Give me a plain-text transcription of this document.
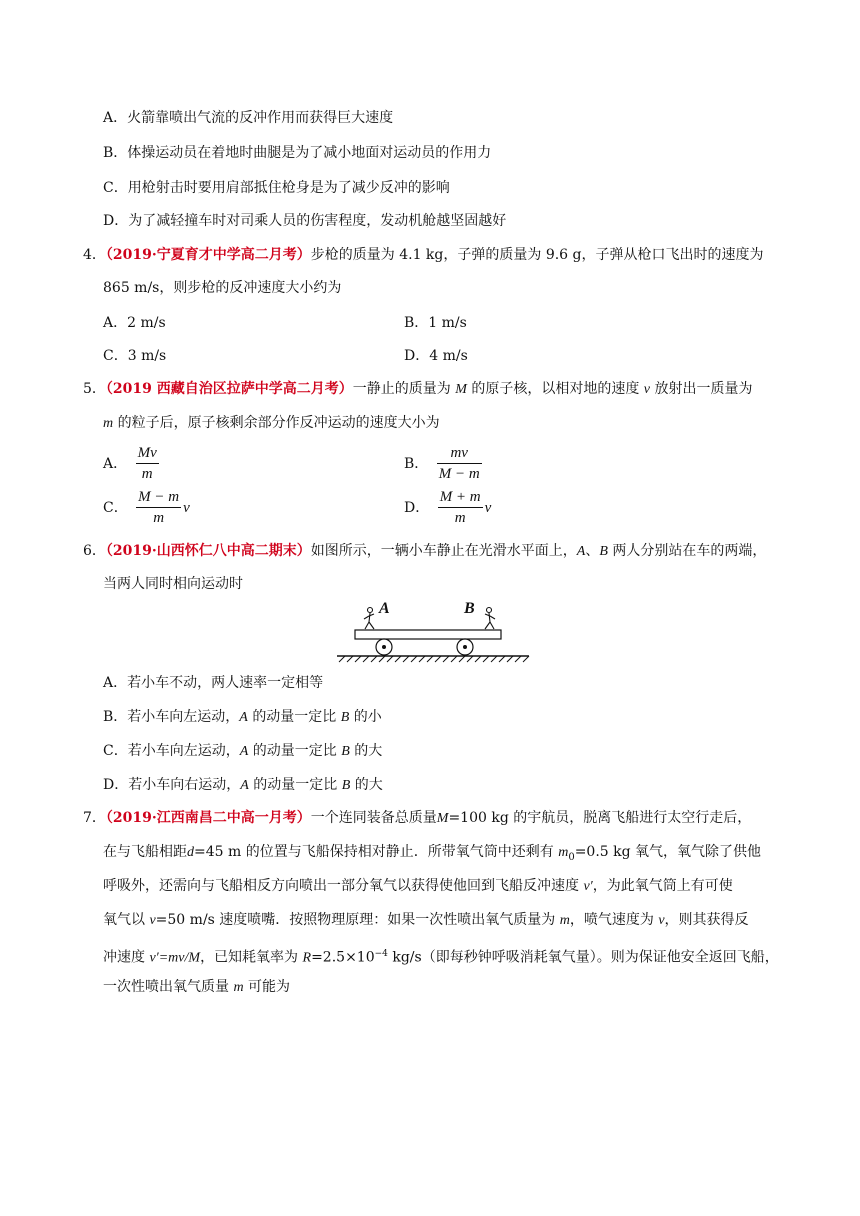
A．火箭靠喷出气流的反冲作用而获得巨大速度
B．体操运动员在着地时曲腿是为了减小地面对运动员的作用力
C．用枪射击时要用肩部抵住枪身是为了减少反冲的影响
D．为了减轻撞车时对司乘人员的伤害程度，发动机舱越坚固越好
4．（2019·宁夏育才中学高二月考）步枪的质量为 4.1 kg，子弹的质量为 9.6 g，子弹从枪口飞出时的速度为
865 m/s，则步枪的反冲速度大小约为
A．2 m/s	B．1 m/s
C．3 m/s	D．4 m/s
5．（2019 西藏自治区拉萨中学高二月考）一静止的质量为 M 的原子核，以相对地的速度 v 放射出一质量为
m 的粒子后，原子核剩余部分作反冲运动的速度大小为
A． $\frac{Mv}{m}$	B． $\frac{mv}{M - m}$
C． $\frac{M - m}{m}$ v	D． $\frac{M + m}{m}$ v
6．（2019·山西怀仁八中高二期末）如图所示，一辆小车静止在光滑水平面上，A、B 两人分别站在车的两端，
当两人同时相向运动时
A	B
A．若小车不动，两人速率一定相等
B．若小车向左运动，A 的动量一定比 B 的小
C．若小车向左运动，A 的动量一定比 B 的大
D．若小车向右运动，A 的动量一定比 B 的大
7．（2019·江西南昌二中高一月考）一个连同装备总质量M=100 kg 的宇航员，脱离飞船进行太空行走后，
在与飞船相距d=45 m 的位置与飞船保持相对静止．所带氧气筒中还剩有 $m_0=0.5$ kg 氧气，氧气除了供他
呼吸外，还需向与飞船相反方向喷出一部分氧气以获得使他回到飞船反冲速度 v′，为此氧气筒上有可使
氧气以 v=50 m/s 速度喷嘴．按照物理原理：如果一次性喷出氧气质量为 m，喷气速度为 v，则其获得反
冲速度 v′=mv/M，已知耗氧率为 $R=2.5\times 10^{-4}$ kg/s（即每秒钟呼吸消耗氧气量）。则为保证他安全返回飞船，
一次性喷出氧气质量 m 可能为
